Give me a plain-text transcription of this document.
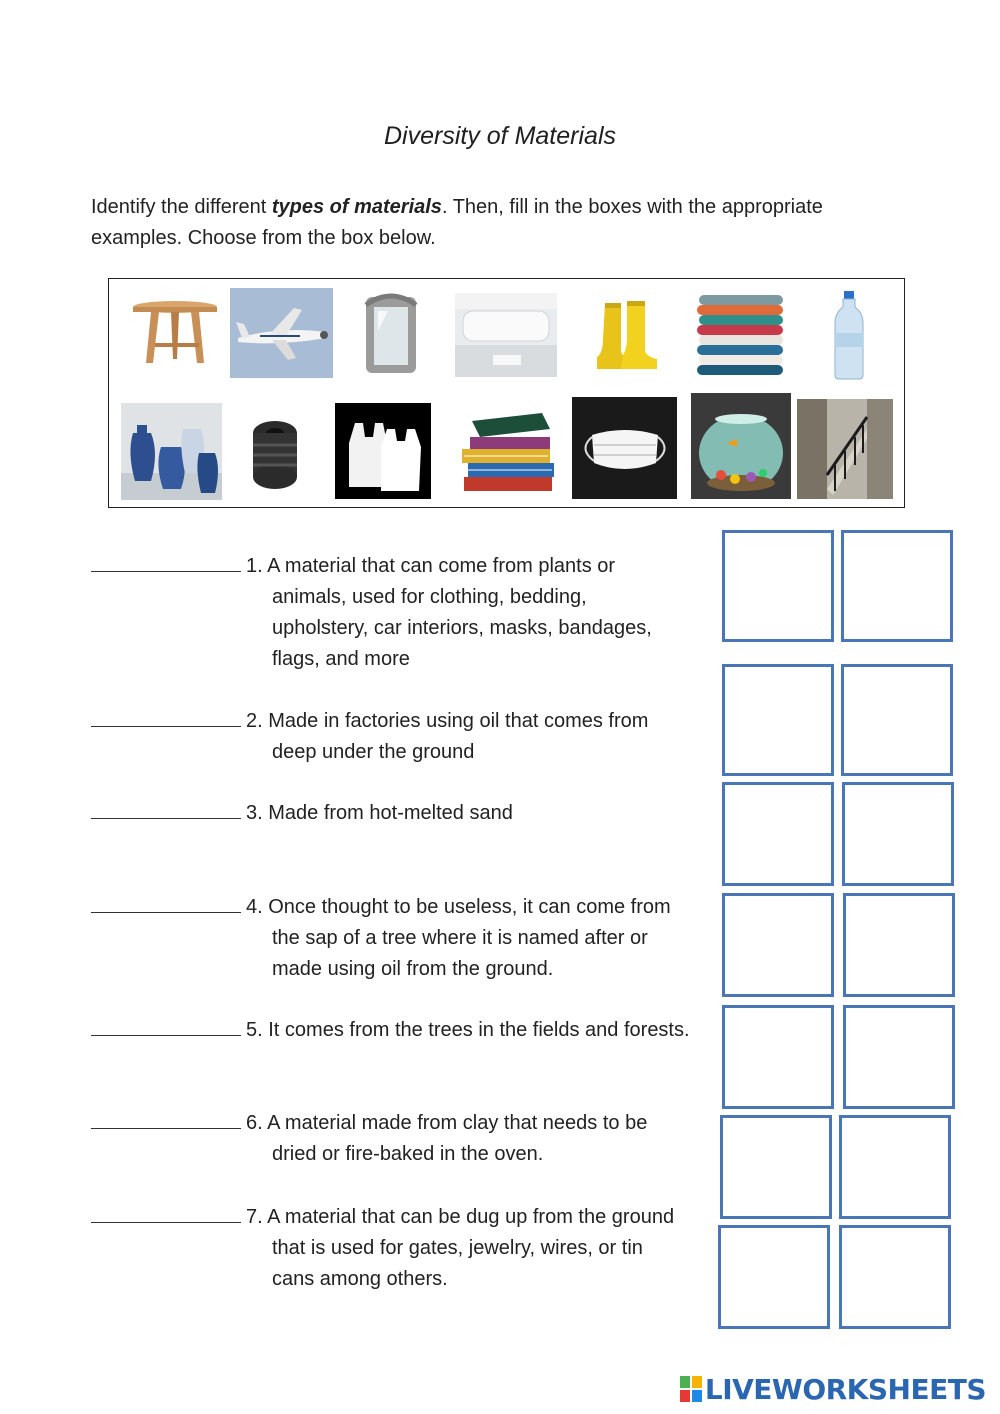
Diversity of Materials
Identify the different types of materials. Then, fill in the boxes with the appropriate examples. Choose from the box below.
1. A material that can come from plants or
animals, used for clothing, bedding,
upholstery, car interiors, masks, bandages,
flags, and more
2. Made in factories using oil that comes from
deep under the ground
3. Made from hot-melted sand
4. Once thought to be useless, it can come from
the sap of a tree where it is named after or
made using oil from the ground.
5. It comes from the trees in the fields and forests.
6. A material made from clay that needs to be
dried or fire-baked in the oven.
7. A material that can be dug up from the ground
that is used for gates, jewelry, wires, or tin
cans among others.
LIVEWORKSHEETS
